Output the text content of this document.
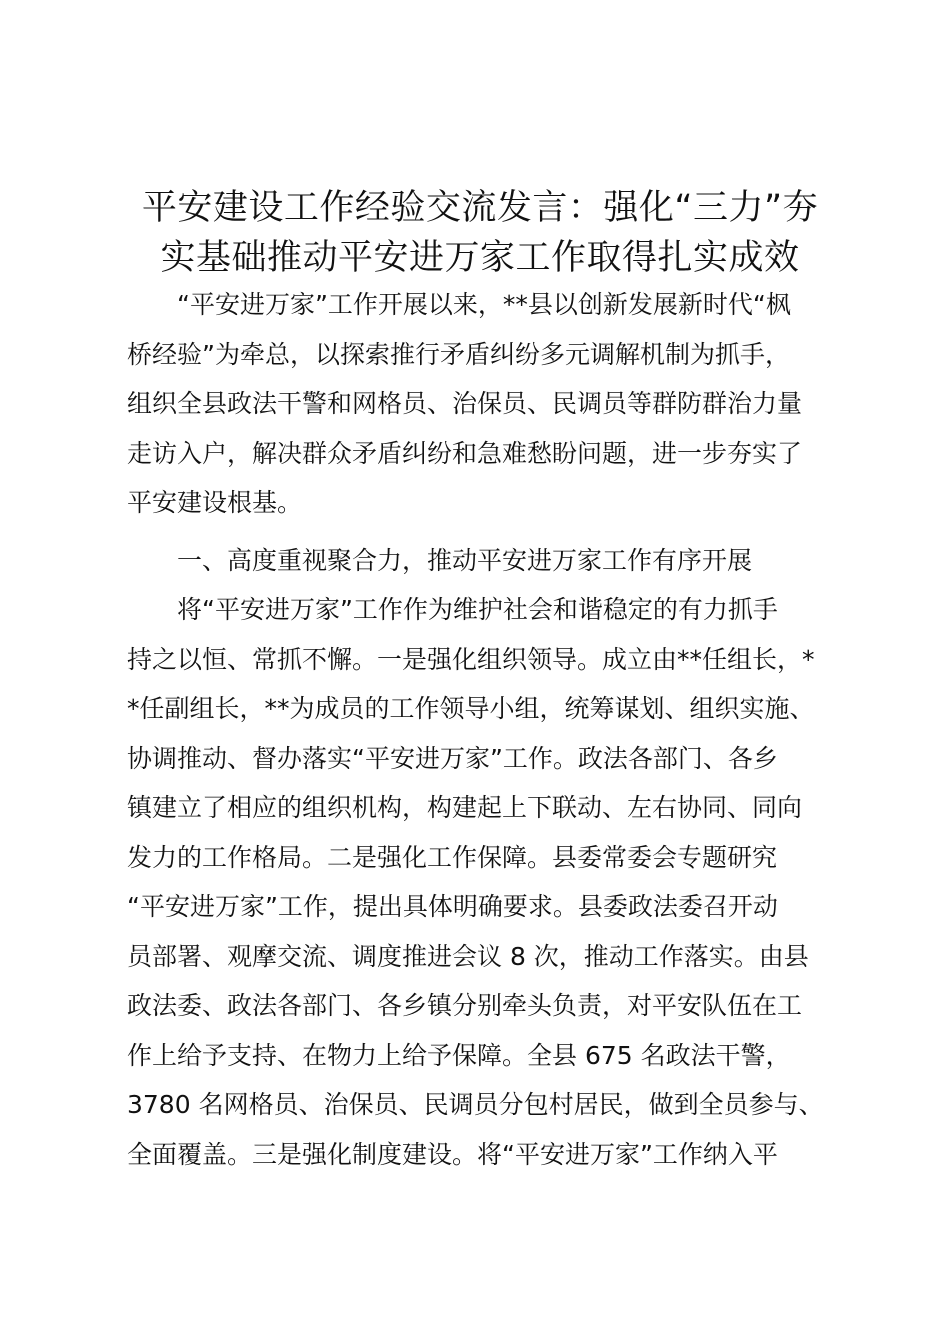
平安建设工作经验交流发言：强化“三力”夯
实基础推动平安进万家工作取得扎实成效
　　“平安进万家”工作开展以来，**县以创新发展新时代“枫
桥经验”为牵总，以探索推行矛盾纠纷多元调解机制为抓手，
组织全县政法干警和网格员、治保员、民调员等群防群治力量
走访入户，解决群众矛盾纠纷和急难愁盼问题，进一步夯实了
平安建设根基。
　　一、高度重视聚合力，推动平安进万家工作有序开展
　　将“平安进万家”工作作为维护社会和谐稳定的有力抓手
持之以恒、常抓不懈。一是强化组织领导。成立由**任组长，*
*任副组长，**为成员的工作领导小组，统筹谋划、组织实施、
协调推动、督办落实“平安进万家”工作。政法各部门、各乡
镇建立了相应的组织机构，构建起上下联动、左右协同、同向
发力的工作格局。二是强化工作保障。县委常委会专题研究
“平安进万家”工作，提出具体明确要求。县委政法委召开动
员部署、观摩交流、调度推进会议 8 次，推动工作落实。由县
政法委、政法各部门、各乡镇分别牵头负责，对平安队伍在工
作上给予支持、在物力上给予保障。全县 675 名政法干警，
3780 名网格员、治保员、民调员分包村居民，做到全员参与、
全面覆盖。三是强化制度建设。将“平安进万家”工作纳入平
